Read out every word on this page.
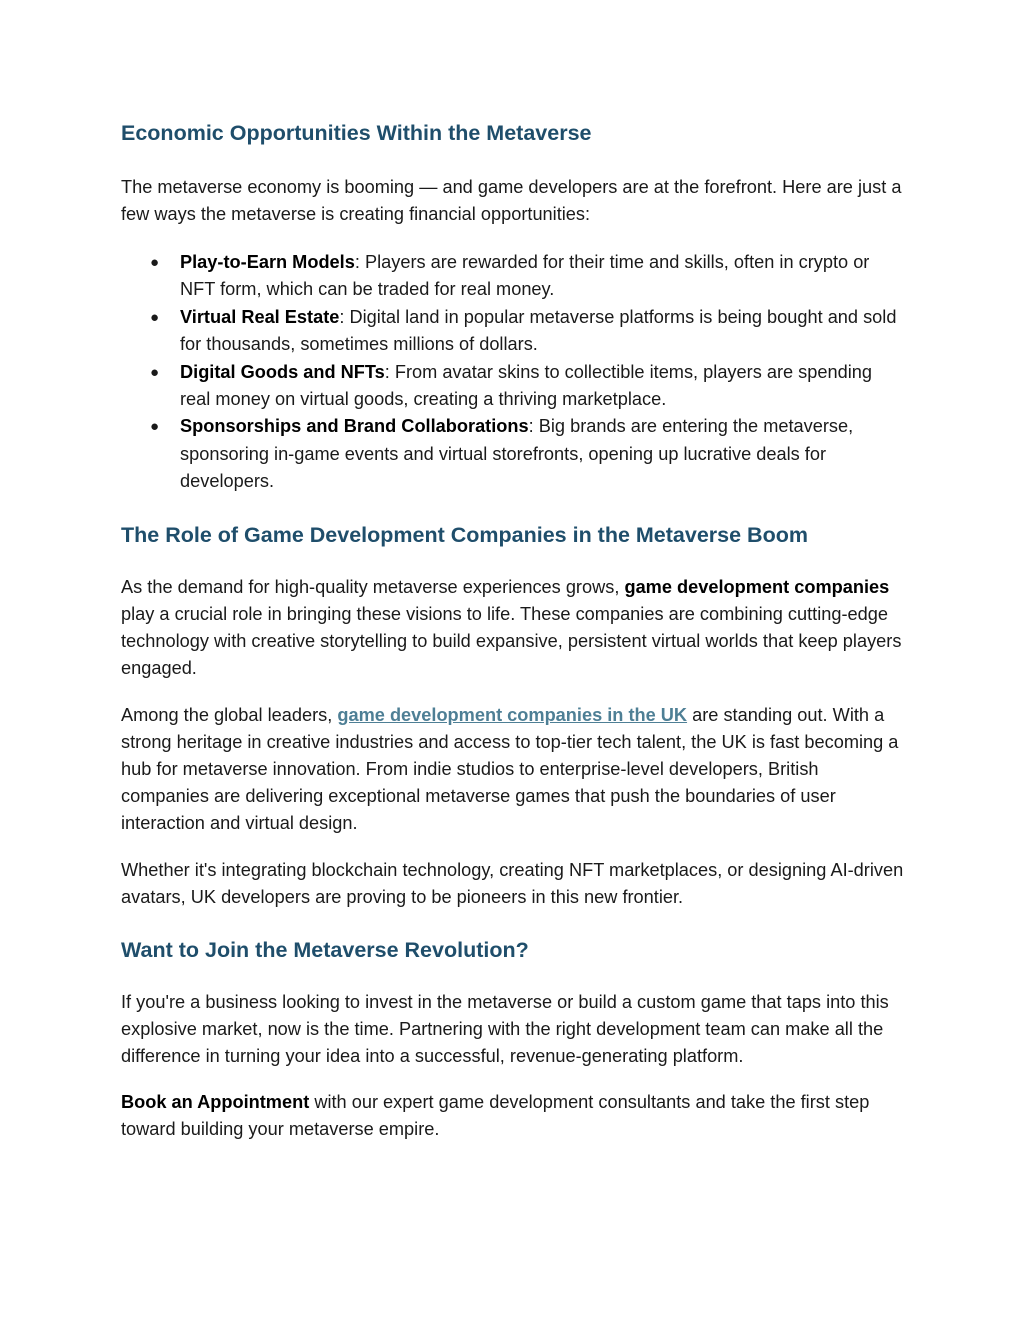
Economic Opportunities Within the Metaverse

The metaverse economy is booming — and game developers are at the forefront. Here are just a few ways the metaverse is creating financial opportunities:

● Play-to-Earn Models: Players are rewarded for their time and skills, often in crypto or NFT form, which can be traded for real money.
● Virtual Real Estate: Digital land in popular metaverse platforms is being bought and sold for thousands, sometimes millions of dollars.
● Digital Goods and NFTs: From avatar skins to collectible items, players are spending real money on virtual goods, creating a thriving marketplace.
● Sponsorships and Brand Collaborations: Big brands are entering the metaverse, sponsoring in-game events and virtual storefronts, opening up lucrative deals for developers.
The Role of Game Development Companies in the Metaverse Boom

As the demand for high-quality metaverse experiences grows, game development companies play a crucial role in bringing these visions to life. These companies are combining cutting-edge technology with creative storytelling to build expansive, persistent virtual worlds that keep players engaged.

Among the global leaders, game development companies in the UK are standing out. With a strong heritage in creative industries and access to top-tier tech talent, the UK is fast becoming a hub for metaverse innovation. From indie studios to enterprise-level developers, British companies are delivering exceptional metaverse games that push the boundaries of user interaction and virtual design.

Whether it's integrating blockchain technology, creating NFT marketplaces, or designing AI-driven avatars, UK developers are proving to be pioneers in this new frontier.

Want to Join the Metaverse Revolution?

If you're a business looking to invest in the metaverse or build a custom game that taps into this explosive market, now is the time. Partnering with the right development team can make all the difference in turning your idea into a successful, revenue-generating platform.

Book an Appointment with our expert game development consultants and take the first step toward building your metaverse empire.
